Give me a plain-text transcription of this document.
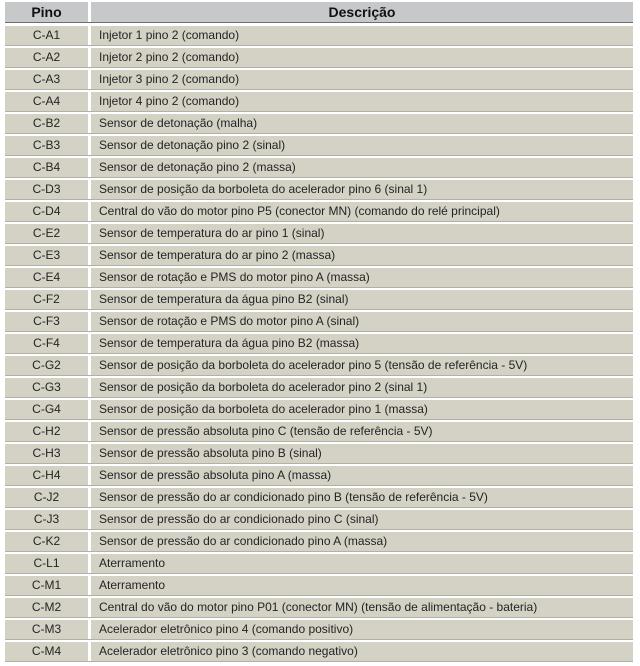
Pino	Descrição
C-A1	Injetor 1 pino 2 (comando)
C-A2	Injetor 2 pino 2 (comando)
C-A3	Injetor 3 pino 2 (comando)
C-A4	Injetor 4 pino 2 (comando)
C-B2	Sensor de detonação (malha)
C-B3	Sensor de detonação pino 2 (sinal)
C-B4	Sensor de detonação pino 2 (massa)
C-D3	Sensor de posição da borboleta do acelerador pino 6 (sinal 1)
C-D4	Central do vão do motor pino P5 (conector MN) (comando do relé principal)
C-E2	Sensor de temperatura do ar pino 1 (sinal)
C-E3	Sensor de temperatura do ar pino 2 (massa)
C-E4	Sensor de rotação e PMS do motor pino A (massa)
C-F2	Sensor de temperatura da água pino B2 (sinal)
C-F3	Sensor de rotação e PMS do motor pino A (sinal)
C-F4	Sensor de temperatura da água pino B2 (massa)
C-G2	Sensor de posição da borboleta do acelerador pino 5 (tensão de referência - 5V)
C-G3	Sensor de posição da borboleta do acelerador pino 2 (sinal 1)
C-G4	Sensor de posição da borboleta do acelerador pino 1 (massa)
C-H2	Sensor de pressão absoluta pino C (tensão de referência - 5V)
C-H3	Sensor de pressão absoluta pino B (sinal)
C-H4	Sensor de pressão absoluta pino A (massa)
C-J2	Sensor de pressão do ar condicionado pino B (tensão de referência - 5V)
C-J3	Sensor de pressão do ar condicionado pino C (sinal)
C-K2	Sensor de pressão do ar condicionado pino A (massa)
C-L1	Aterramento
C-M1	Aterramento
C-M2	Central do vão do motor pino P01 (conector MN) (tensão de alimentação - bateria)
C-M3	Acelerador eletrônico pino 4 (comando positivo)
C-M4	Acelerador eletrônico pino 3 (comando negativo)
